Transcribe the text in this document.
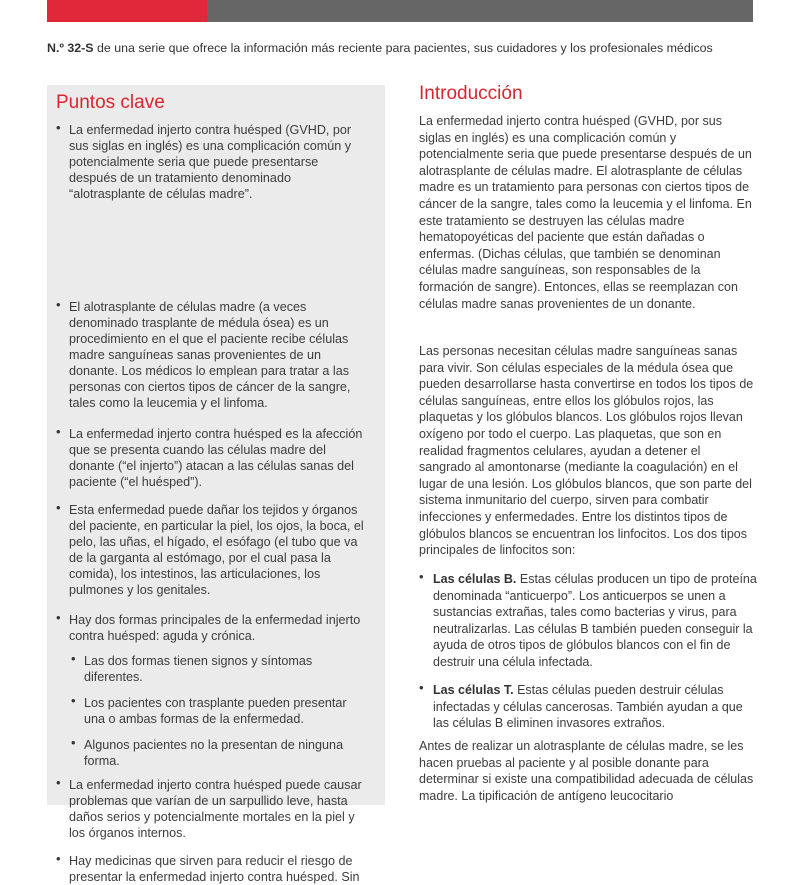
N.º 32-S de una serie que ofrece la información más reciente para pacientes, sus cuidadores y los profesionales médicos
Puntos clave
• La enfermedad injerto contra huésped (GVHD, por sus siglas en inglés) es una complicación común y potencialmente seria que puede presentarse después de un tratamiento denominado “alotrasplante de células madre”.
• El alotrasplante de células madre (a veces denominado trasplante de médula ósea) es un procedimiento en el que el paciente recibe células madre sanguíneas sanas provenientes de un donante. Los médicos lo emplean para tratar a las personas con ciertos tipos de cáncer de la sangre, tales como la leucemia y el linfoma.
• La enfermedad injerto contra huésped es la afección que se presenta cuando las células madre del donante (“el injerto”) atacan a las células sanas del paciente (“el huésped”).
• Esta enfermedad puede dañar los tejidos y órganos del paciente, en particular la piel, los ojos, la boca, el pelo, las uñas, el hígado, el esófago (el tubo que va de la garganta al estómago, por el cual pasa la comida), los intestinos, las articulaciones, los pulmones y los genitales.
• Hay dos formas principales de la enfermedad injerto contra huésped: aguda y crónica.
• Las dos formas tienen signos y síntomas diferentes.
• Los pacientes con trasplante pueden presentar una o ambas formas de la enfermedad.
• Algunos pacientes no la presentan de ninguna forma.
• La enfermedad injerto contra huésped puede causar problemas que varían de un sarpullido leve, hasta daños serios y potencialmente mortales en la piel y los órganos internos.
• Hay medicinas que sirven para reducir el riesgo de presentar la enfermedad injerto contra huésped. Sin
Introducción

La enfermedad injerto contra huésped (GVHD, por sus siglas en inglés) es una complicación común y potencialmente seria que puede presentarse después de un alotrasplante de células madre. El alotrasplante de células madre es un tratamiento para personas con ciertos tipos de cáncer de la sangre, tales como la leucemia y el linfoma. En este tratamiento se destruyen las células madre hematopoyéticas del paciente que están dañadas o enfermas. (Dichas células, que también se denominan células madre sanguíneas, son responsables de la formación de sangre). Entonces, ellas se reemplazan con células madre sanas provenientes de un donante.

Las personas necesitan células madre sanguíneas sanas para vivir. Son células especiales de la médula ósea que pueden desarrollarse hasta convertirse en todos los tipos de células sanguíneas, entre ellos los glóbulos rojos, las plaquetas y los glóbulos blancos. Los glóbulos rojos llevan oxígeno por todo el cuerpo. Las plaquetas, que son en realidad fragmentos celulares, ayudan a detener el sangrado al amontonarse (mediante la coagulación) en el lugar de una lesión. Los glóbulos blancos, que son parte del sistema inmunitario del cuerpo, sirven para combatir infecciones y enfermedades. Entre los distintos tipos de glóbulos blancos se encuentran los linfocitos. Los dos tipos principales de linfocitos son:

• Las células B. Estas células producen un tipo de proteína denominada “anticuerpo”. Los anticuerpos se unen a sustancias extrañas, tales como bacterias y virus, para neutralizarlas. Las células B también pueden conseguir la ayuda de otros tipos de glóbulos blancos con el fin de destruir una célula infectada.

• Las células T. Estas células pueden destruir células infectadas y células cancerosas. También ayudan a que las células B eliminen invasores extraños.

Antes de realizar un alotrasplante de células madre, se les hacen pruebas al paciente y al posible donante para determinar si existe una compatibilidad adecuada de células madre. La tipificación de antígeno leucocitario
